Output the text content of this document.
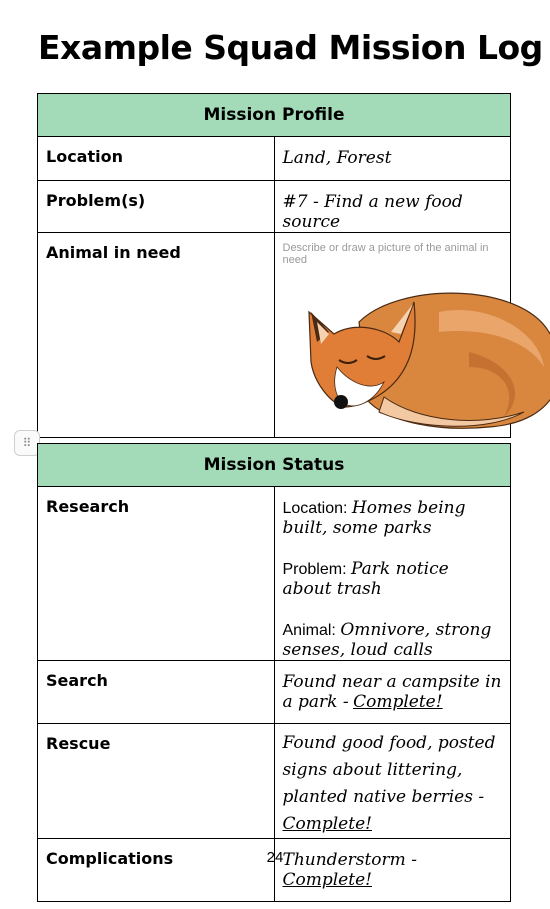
Example Squad Mission Log
Mission Profile	
Location	Land, Forest
Problem(s)	#7 - Find a new food source
Animal in need	Describe or draw a picture of the animal in need
⠿
Mission Status	
Research	Location: Homes being built, some parks
Problem: Park notice about trash
Animal: Omnivore, strong senses, loud calls

Search	Found near a campsite in a park - Complete!
Rescue	Found good food, posted signs about littering, planted native berries - Complete!
Complications	Thunderstorm - Complete!
24
